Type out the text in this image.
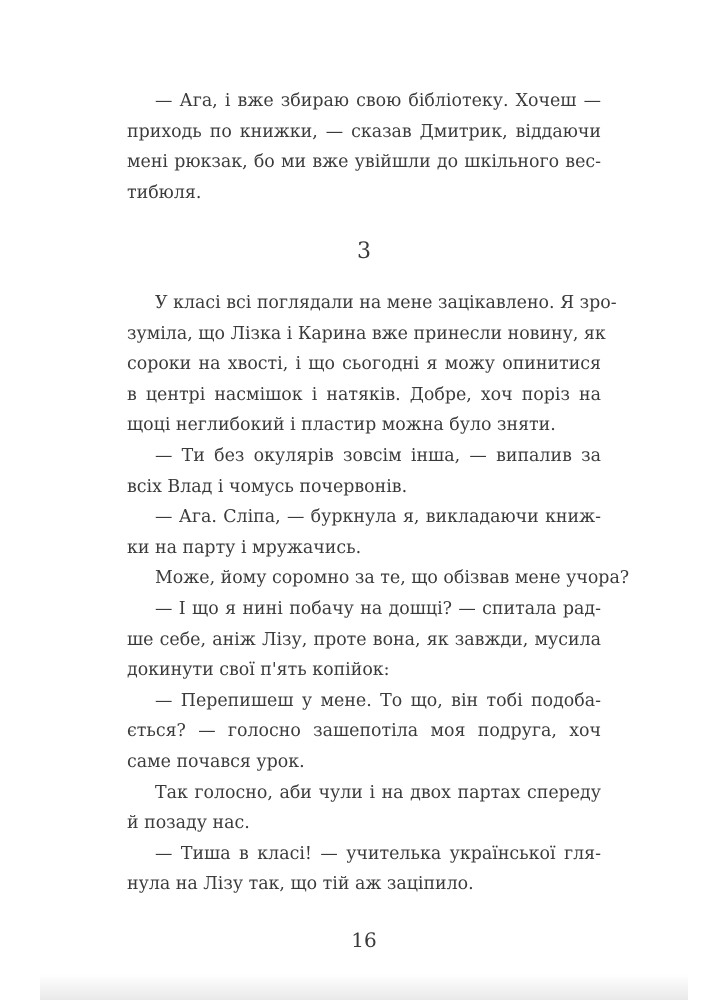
— Ага, і вже збираю свою бібліотеку. Хочеш —
приходь по книжки, — сказав Дмитрик, віддаючи
мені рюкзак, бо ми вже увійшли до шкільного вес-
тибюля.
3
У класі всі поглядали на мене зацікавлено. Я зро-
зуміла, що Лізка і Карина вже принесли новину, як
сороки на хвості, і що сьогодні я можу опинитися
в центрі насмішок і натяків. Добре, хоч поріз на
щоці неглибокий і пластир можна було зняти.
— Ти без окулярів зовсім інша, — випалив за
всіх Влад і чомусь почервонів.
— Ага. Сліпа, — буркнула я, викладаючи книж-
ки на парту і мружачись.
Може, йому соромно за те, що обізвав мене учора?
— І що я нині побачу на дошці? — спитала рад-
ше себе, аніж Лізу, проте вона, як завжди, мусила
докинути свої п'ять копійок:
— Перепишеш у мене. То що, він тобі подоба-
ється? — голосно зашепотіла моя подруга, хоч
саме почався урок.
Так голосно, аби чули і на двох партах спереду
й позаду нас.
— Тиша в класі! — учителька української гля-
нула на Лізу так, що тій аж заціпило.
16
